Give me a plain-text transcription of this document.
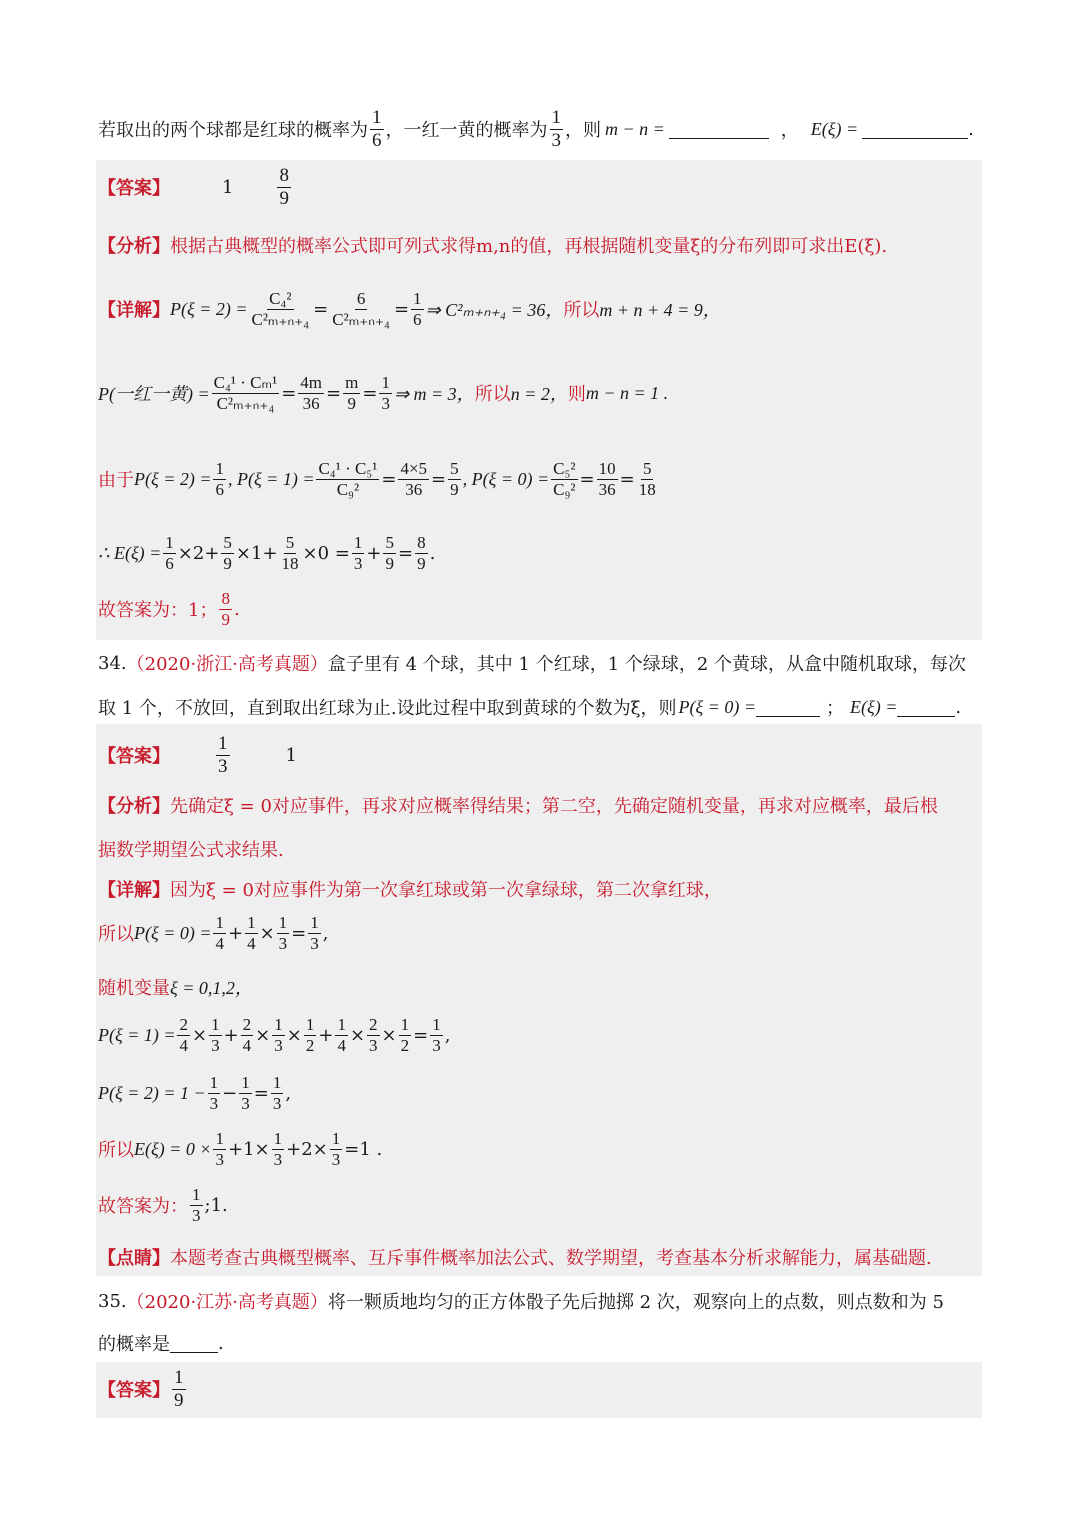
若取出的两个球都是红球的概率为 $\frac{1}{6}$ ，一红一黄的概率为 $\frac{1}{3}$ ，则 m − n =	， E(ξ) =	.
【答案】	$1 \frac{8}{9}$
【分析】 根据古典概型的概率公式即可列式求得m,n的值，再根据随机变量ξ的分布列即可求出E(ξ).
【详解】 $P(\xi = 2) = \frac{\text{C₄²}}{\text{C²ₘ₊ₙ₊₄}} = \frac{6}{\text{C²ₘ₊ₙ₊₄}} = \frac{1}{6}$ ⇒ C²ₘ₊ₙ₊₄ = 36， 所以 m + n + 4 = 9，
P(一红一黄) = $\frac{\text{C₄¹ · Cₘ¹}}{\text{C²ₘ₊ₙ₊₄}} = \frac{4m}{36} = \frac{m}{9} = \frac{1}{3}$ ⇒ m = 3， 所以 n = 2， 则 m − n = 1 .
由于 $P(\xi = 2) = \frac{1}{6}$ , $P(\xi = 1) = \frac{\text{C₄¹ · C₅¹}}{\text{C₉²}} = \frac{4\times 5}{36} = \frac{5}{9}$ , $P(\xi = 0) = \frac{\text{C₅²}}{\text{C₉²}} = \frac{10}{36} = \frac{5}{18}$
∴ $E(\xi) = \frac{1}{6} \times 2+ \frac{5}{9} \times 1+ \frac{5}{18} \times 0 = \frac{1}{3} + \frac{5}{9} = \frac{8}{9}$ .
故答案为：1； $\frac{8}{9}$ .
34. （2020·浙江·高考真题） 盒子里有 4 个球，其中 1 个红球，1 个绿球，2 个黄球，从盒中随机取球，每次
取 1 个，不放回，直到取出红球为止.设此过程中取到黄球的个数为ξ，则 P(ξ = 0) =	； E(ξ) =	.
【答案】 $\frac{1}{3}$	1
【分析】 先确定ξ = 0对应事件，再求对应概率得结果；第二空，先确定随机变量，再求对应概率，最后根
据数学期望公式求结果.
【详解】 因为ξ = 0对应事件为第一次拿红球或第一次拿绿球，第二次拿红球，
所以 $P(\xi = 0) = \frac{1}{4} + \frac{1}{4} \times \frac{1}{3} = \frac{1}{3}$ ,
随机变量 ξ = 0,1,2，
$P(\xi = 1) = \frac{2}{4} \times \frac{1}{3} + \frac{2}{4} \times \frac{1}{3} \times \frac{1}{2} + \frac{1}{4} \times \frac{2}{3} \times \frac{1}{2} = \frac{1}{3}$ ,
$P(\xi = 2) = 1 - \frac{1}{3} - \frac{1}{3} = \frac{1}{3}$ ,
所以 $E(\xi) = 0 \times \frac{1}{3} +1\times \frac{1}{3} +2\times \frac{1}{3} =1$ .
故答案为： $\frac{1}{3}$ ;1.
【点睛】 本题考查古典概型概率、互斥事件概率加法公式、数学期望，考查基本分析求解能力，属基础题.
35. （2020·江苏·高考真题） 将一颗质地均匀的正方体骰子先后抛掷 2 次，观察向上的点数，则点数和为 5
的概率是	.
【答案】 $\frac{1}{9}$
